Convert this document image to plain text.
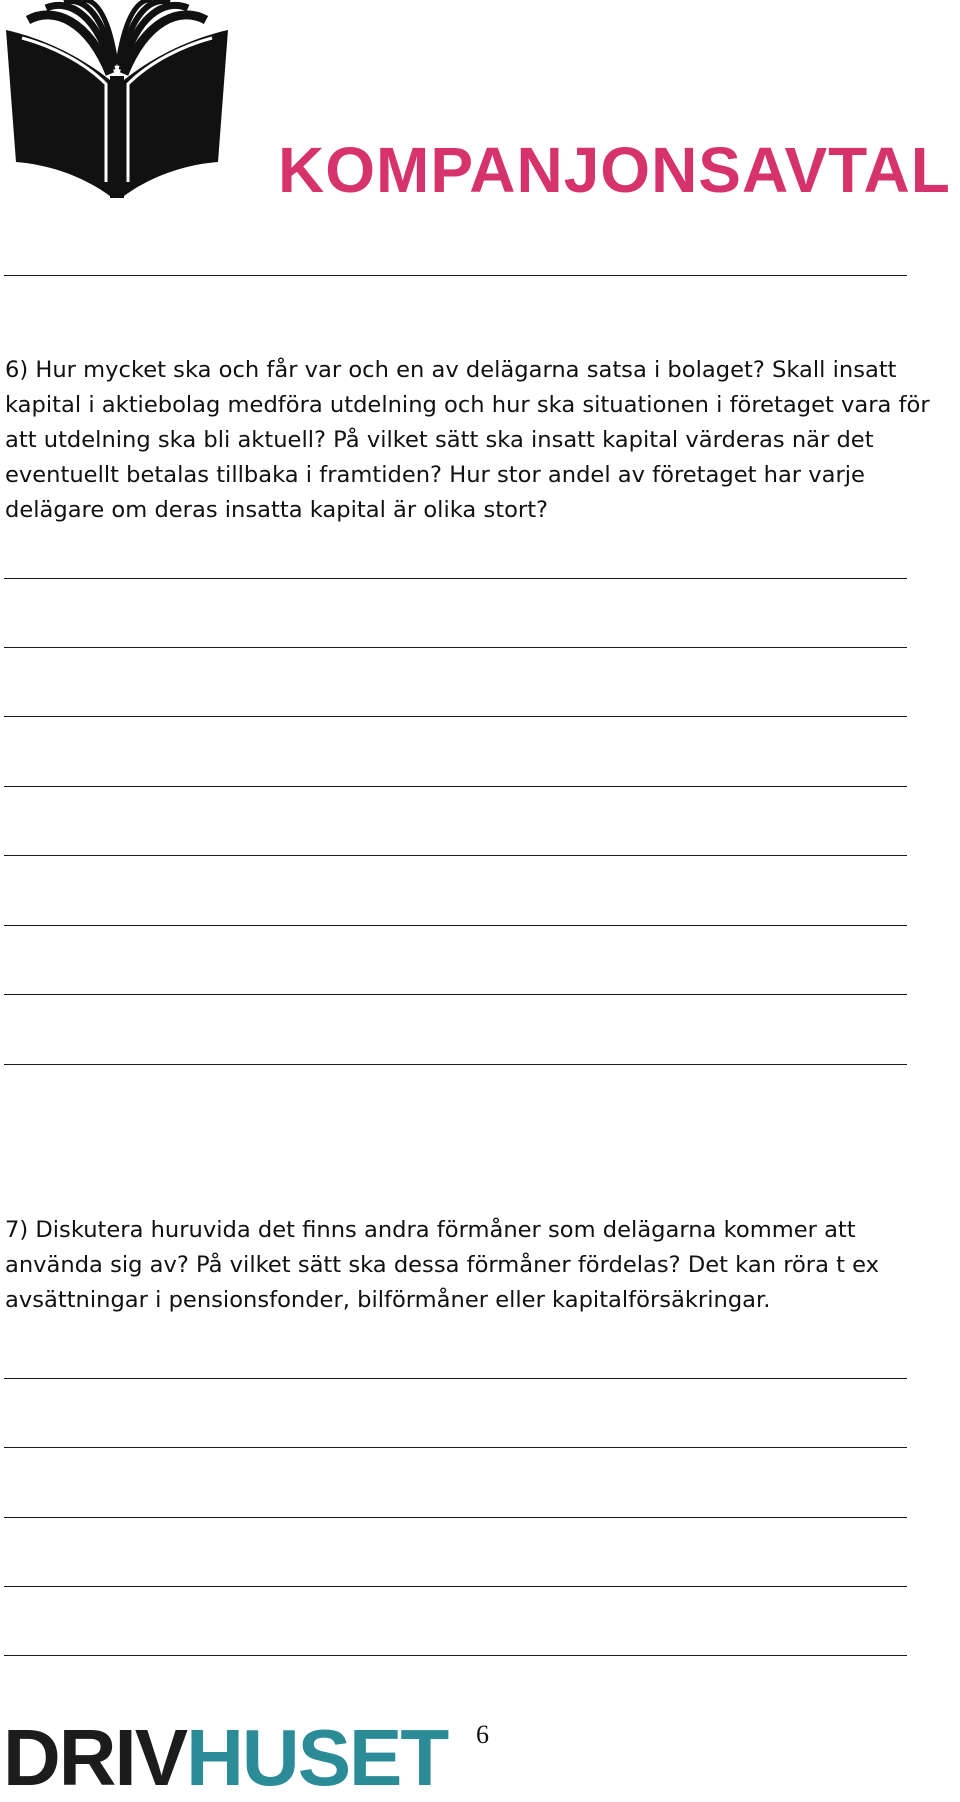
KOMPANJONSAVTAL

6) Hur mycket ska och får var och en av delägarna satsa i bolaget? Skall insatt kapital i aktiebolag medföra utdelning och hur ska situationen i företaget vara för att utdelning ska bli aktuell? På vilket sätt ska insatt kapital värderas när det eventuellt betalas tillbaka i framtiden? Hur stor andel av företaget har varje delägare om deras insatta kapital är olika stort?

7) Diskutera huruvida det finns andra förmåner som delägarna kommer att använda sig av? På vilket sätt ska dessa förmåner fördelas? Det kan röra t ex avsättningar i pensionsfonder, bilförmåner eller kapitalförsäkringar.

DRIVHUSET 6
